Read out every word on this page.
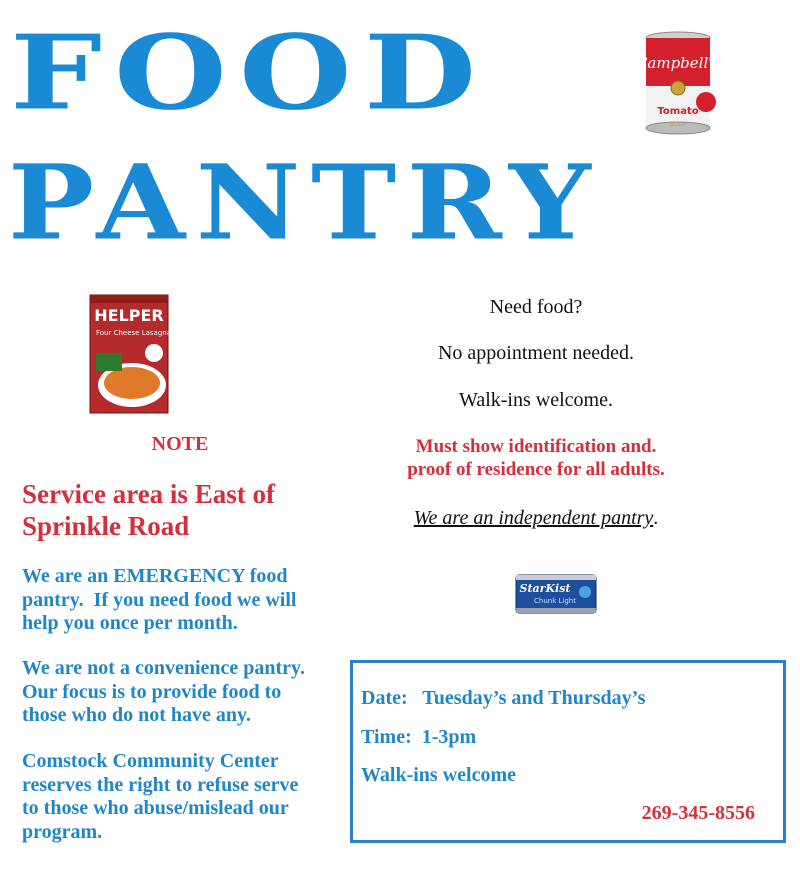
FOOD
PANTRY
Campbell's
Tomato
SOUP
HELPER
Four Cheese Lasagna
Need food?
No appointment needed.
Walk-ins welcome.
Must show identification and.
proof of residence for all adults.
We are an independent pantry.
StarKist
Chunk Light
NOTE
Service area is East of
Sprinkle Road
We are an EMERGENCY food
pantry.  If you need food we will
help you once per month.
We are not a convenience pantry.
Our focus is to provide food to
those who do not have any.
Comstock Community Center
reserves the right to refuse serve
to those who abuse/mislead our
program.
Date:   Tuesday’s and Thursday’s
Time:  1-3pm
Walk-ins welcome
269-345-8556
